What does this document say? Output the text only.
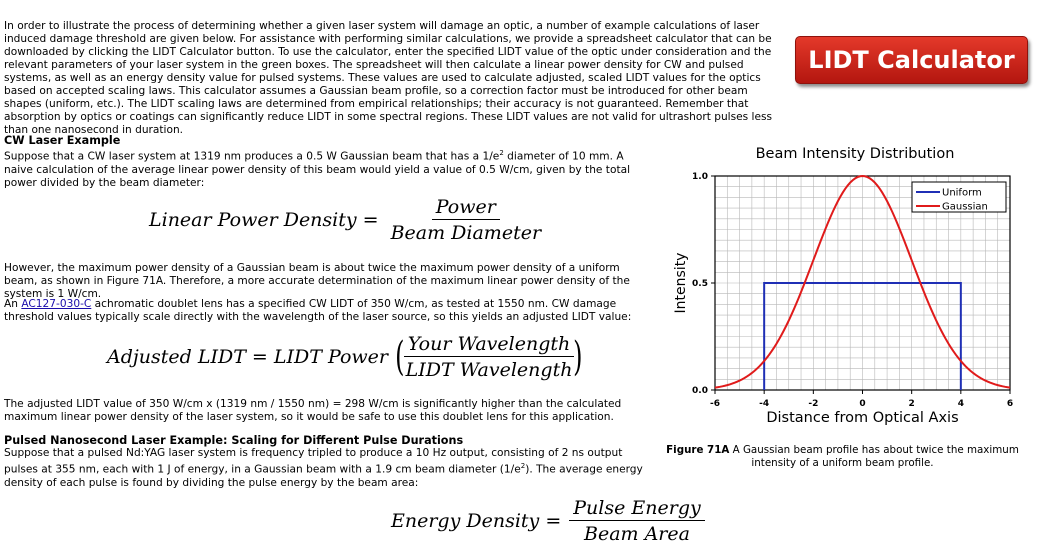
In order to illustrate the process of determining whether a given laser system will damage an optic, a number of example calculations of laser induced damage threshold are given below. For assistance with performing similar calculations, we provide a spreadsheet calculator that can be downloaded by clicking the LIDT Calculator button. To use the calculator, enter the specified LIDT value of the optic under consideration and the relevant parameters of your laser system in the green boxes. The spreadsheet will then calculate a linear power density for CW and pulsed systems, as well as an energy density value for pulsed systems. These values are used to calculate adjusted, scaled LIDT values for the optics based on accepted scaling laws. This calculator assumes a Gaussian beam profile, so a correction factor must be introduced for other beam shapes (uniform, etc.). The LIDT scaling laws are determined from empirical relationships; their accuracy is not guaranteed. Remember that absorption by optics or coatings can significantly reduce LIDT in some spectral regions. These LIDT values are not valid for ultrashort pulses less than one nanosecond in duration.
LIDT Calculator
CW Laser Example
Suppose that a CW laser system at 1319 nm produces a 0.5 W Gaussian beam that has a $1/e^2$ diameter of 10 mm. A naive calculation of the average linear power density of this beam would yield a value of 0.5 W/cm, given by the total power divided by the beam diameter:
Linear Power Density = $\frac{\text{Power}}{\text{Beam Diameter}}$
However, the maximum power density of a Gaussian beam is about twice the maximum power density of a uniform beam, as shown in Figure 71A. Therefore, a more accurate determination of the maximum linear power density of the system is 1 W/cm.
An AC127-030-C achromatic doublet lens has a specified CW LIDT of 350 W/cm, as tested at 1550 nm. CW damage threshold values typically scale directly with the wavelength of the laser source, so this yields an adjusted LIDT value:
Adjusted LIDT = LIDT Power (
$\frac{\text{Your Wavelength}}{\text{LIDT Wavelength}}$
)
The adjusted LIDT value of 350 W/cm x (1319 nm / 1550 nm) = 298 W/cm is significantly higher than the calculated maximum linear power density of the laser system, so it would be safe to use this doublet lens for this application.
Pulsed Nanosecond Laser Example: Scaling for Different Pulse Durations
Suppose that a pulsed Nd:YAG laser system is frequency tripled to produce a 10 Hz output, consisting of 2 ns output pulses at 355 nm, each with 1 J of energy, in a Gaussian beam with a 1.9 cm beam diameter $(1/e^2)$. The average energy density of each pulse is found by dividing the pulse energy by the beam area:
Energy Density = $\frac{\text{Pulse Energy}}{\text{Beam Area}}$
Beam Intensity Distribution
-6	-4	-2	0	2	4	6
0.0
0.5
1.0
Distance from Optical Axis
Intensity
Uniform
Gaussian
Figure 71A A Gaussian beam profile has about twice the maximum intensity of a uniform beam profile.
